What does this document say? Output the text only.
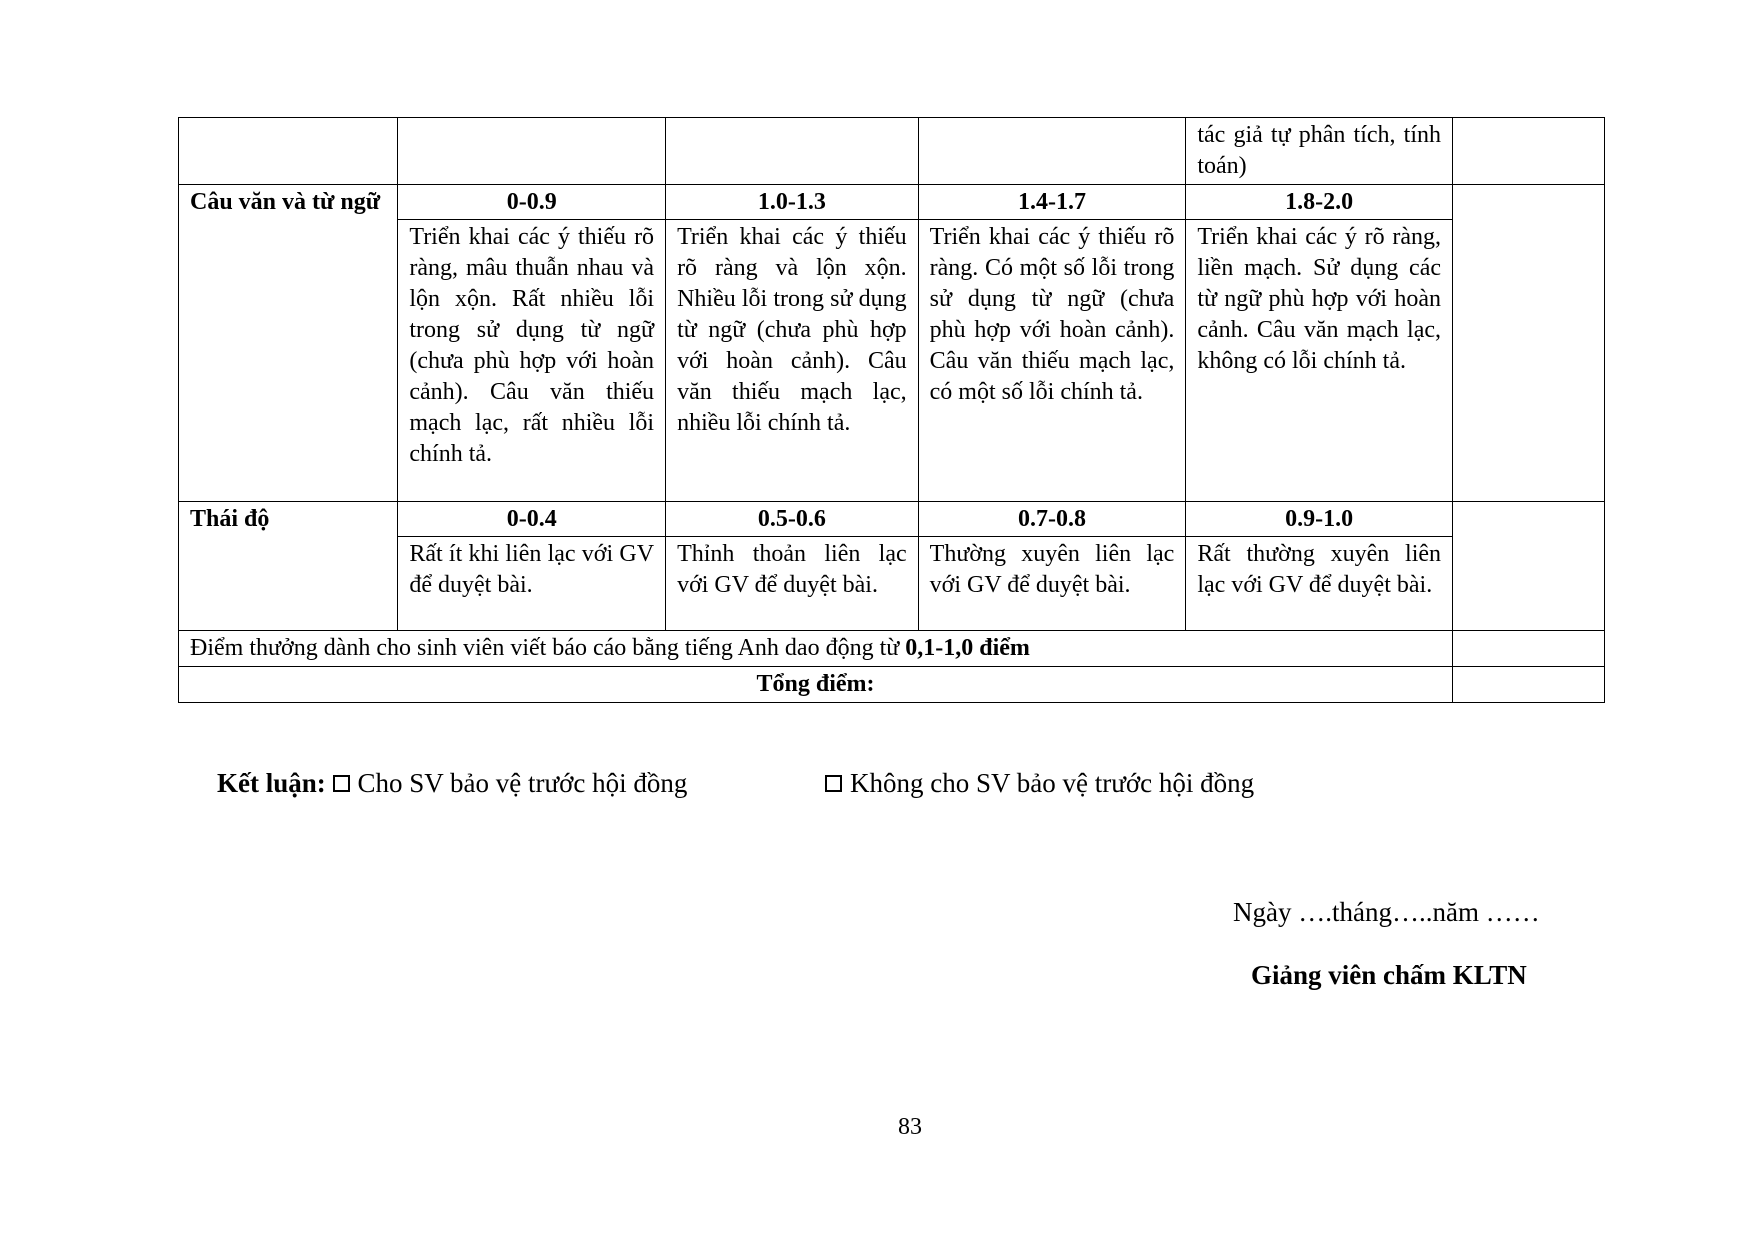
				tác giả tự phân tích, tính toán)	
Câu văn và từ ngữ	0-0.9	1.0-1.3	1.4-1.7	1.8-2.0	
	Triển khai các ý thiếu rõ ràng, mâu thuẫn nhau và lộn xộn. Rất nhiều lỗi trong sử dụng từ ngữ (chưa phù hợp với hoàn cảnh). Câu văn thiếu mạch lạc, rất nhiều lỗi chính tả.	Triển khai các ý thiếu rõ ràng và lộn xộn. Nhiều lỗi trong sử dụng từ ngữ (chưa phù hợp với hoàn cảnh). Câu văn thiếu mạch lạc, nhiều lỗi chính tả.	Triển khai các ý thiếu rõ ràng. Có một số lỗi trong sử dụng từ ngữ (chưa phù hợp với hoàn cảnh). Câu văn thiếu mạch lạc, có một số lỗi chính tả.	Triển khai các ý rõ ràng, liền mạch. Sử dụng các từ ngữ phù hợp với hoàn cảnh. Câu văn mạch lạc, không có lỗi chính tả.	
Thái độ	0-0.4	0.5-0.6	0.7-0.8	0.9-1.0	
	Rất ít khi liên lạc với GV để duyệt bài.	Thỉnh thoản liên lạc với GV để duyệt bài.	Thường xuyên liên lạc với GV để duyệt bài.	Rất thường xuyên liên lạc với GV để duyệt bài.	
Điểm thưởng dành cho sinh viên viết báo cáo bằng tiếng Anh dao động từ 0,1-1,0 điểm					
Tổng điểm:					
Kết luận: Cho SV bảo vệ trước hội đồng	Không cho SV bảo vệ trước hội đồng
Ngày ….tháng…..năm ……
Giảng viên chấm KLTN
83
